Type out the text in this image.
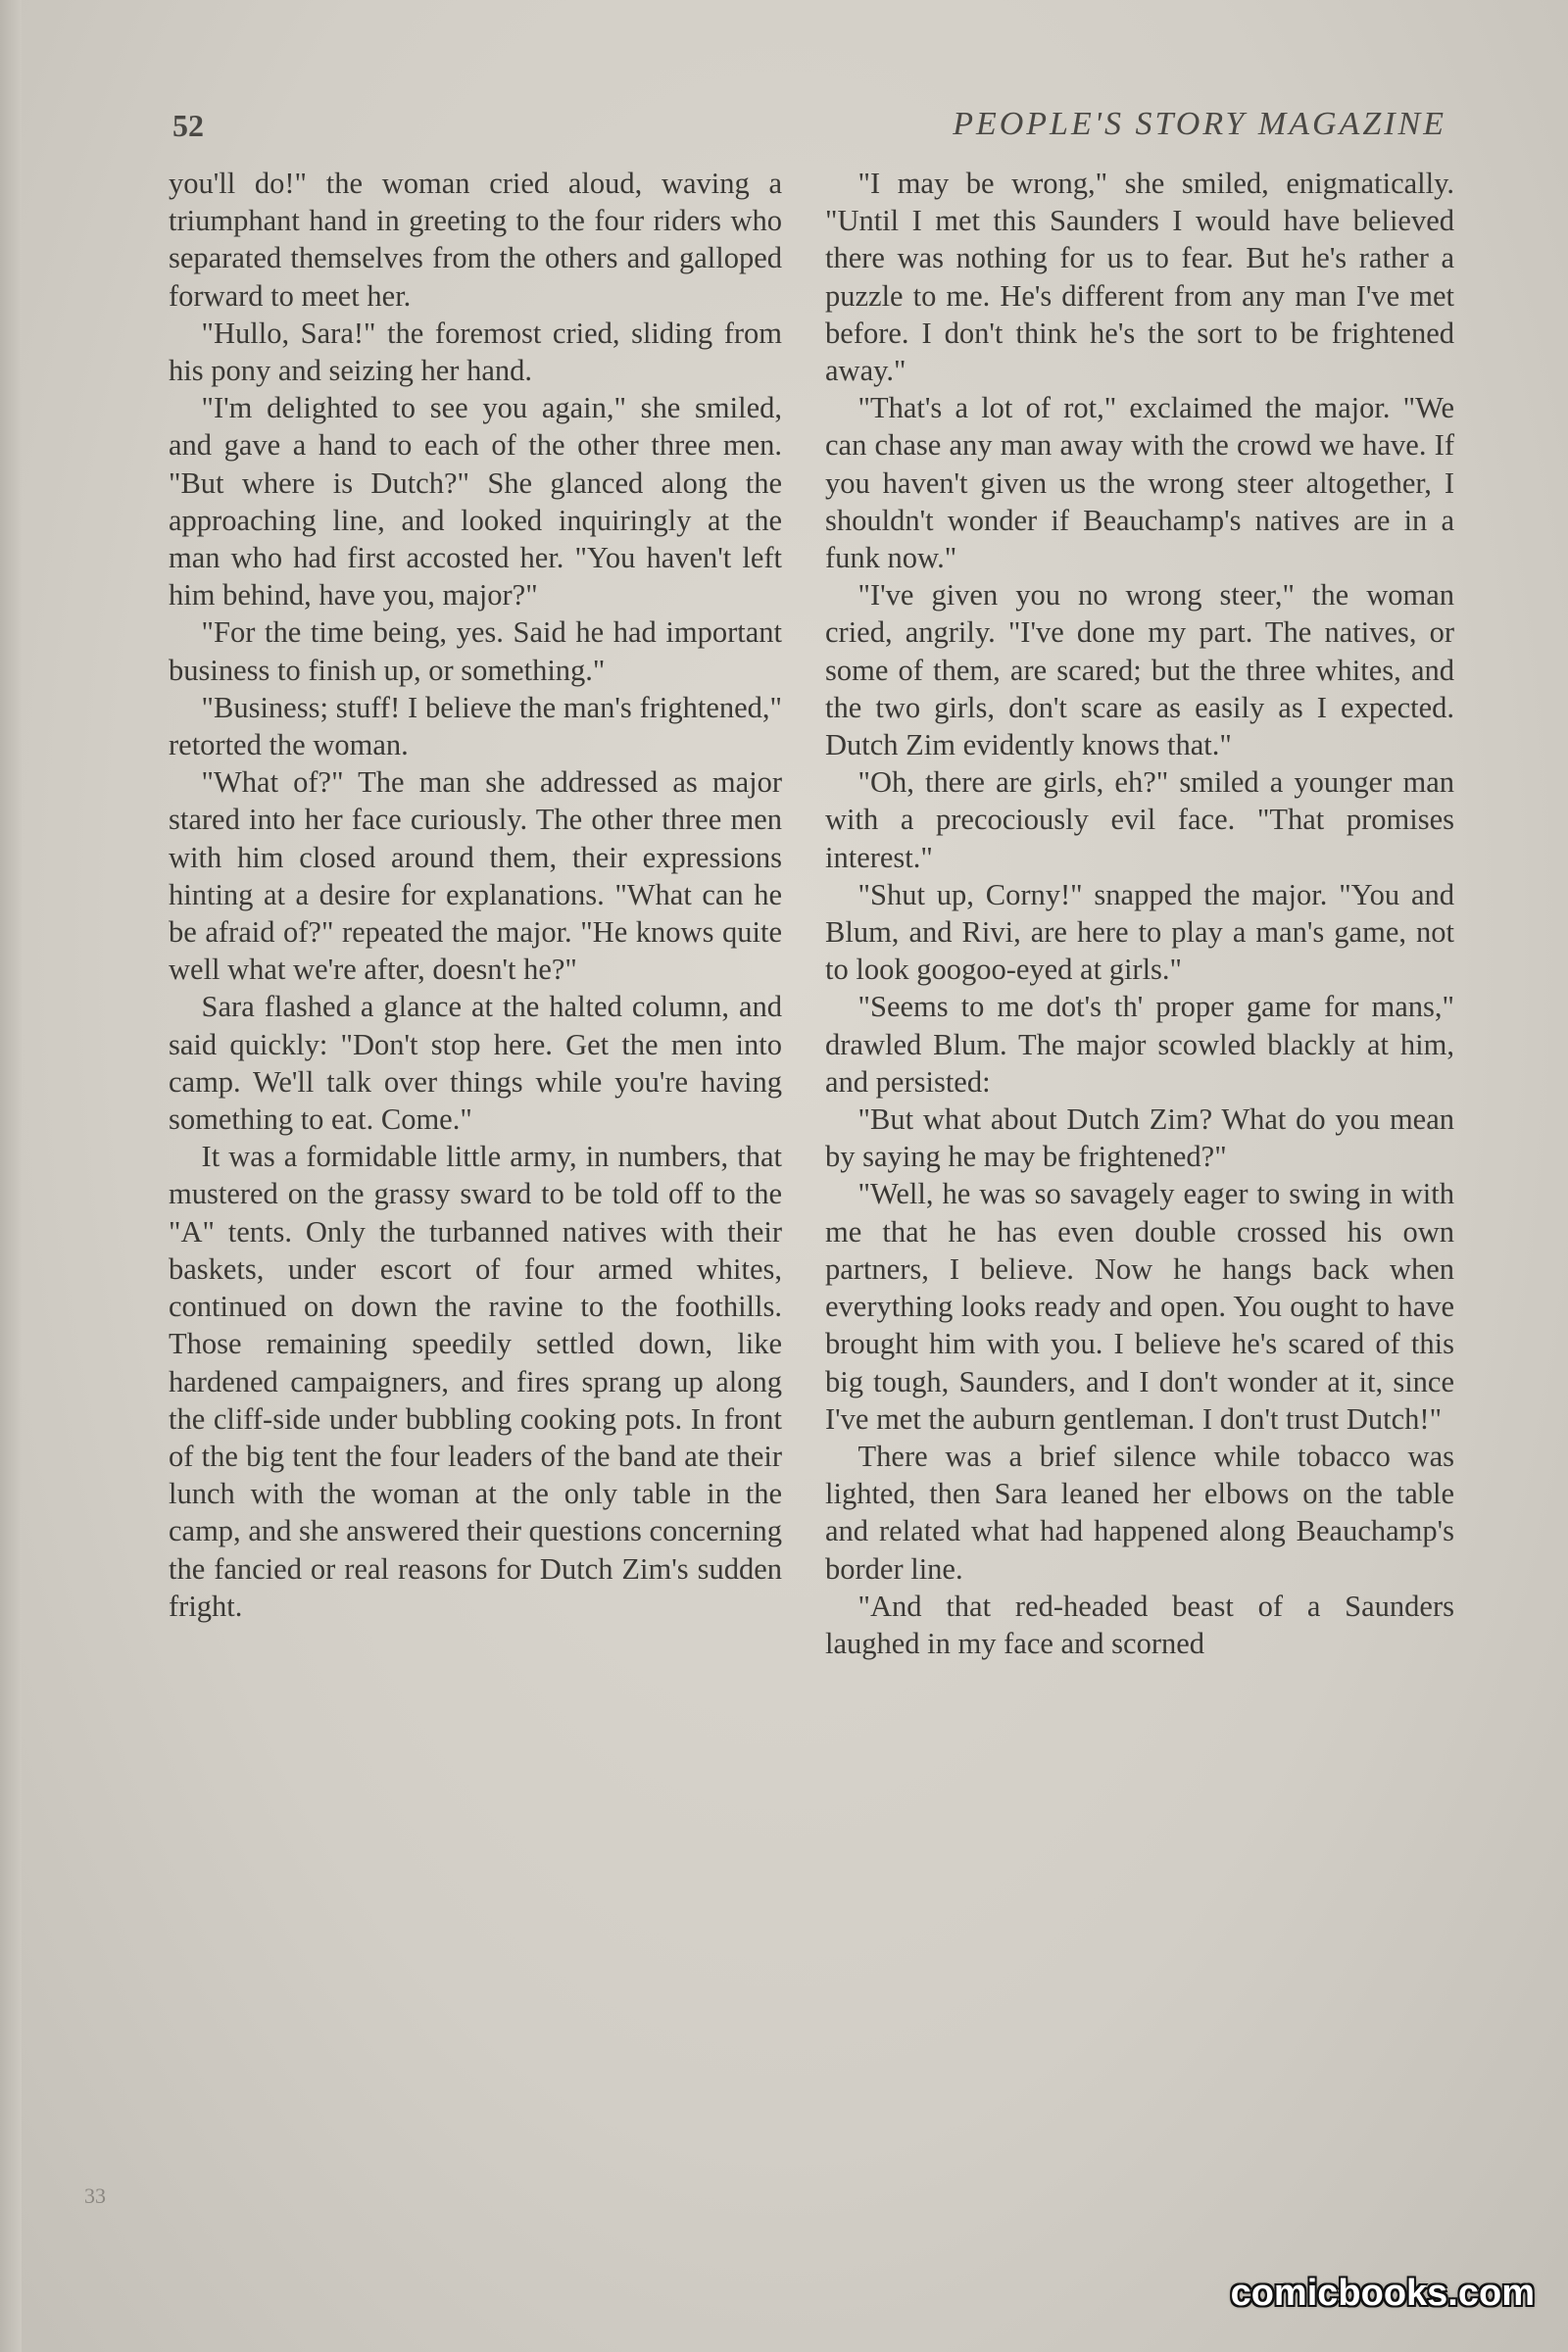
52	PEOPLE'S STORY MAGAZINE

you'll do!" the woman cried aloud, waving a triumphant hand in greeting to the four riders who separated themselves from the others and galloped forward to meet her.

"Hullo, Sara!" the foremost cried, sliding from his pony and seizing her hand.

"I'm delighted to see you again," she smiled, and gave a hand to each of the other three men. "But where is Dutch?" She glanced along the approaching line, and looked inquiringly at the man who had first accosted her. "You haven't left him behind, have you, major?"

"For the time being, yes. Said he had important business to finish up, or something."

"Business; stuff! I believe the man's frightened," retorted the woman.

"What of?" The man she addressed as major stared into her face curiously. The other three men with him closed around them, their expressions hinting at a desire for explanations. "What can he be afraid of?" repeated the major. "He knows quite well what we're after, doesn't he?"

Sara flashed a glance at the halted column, and said quickly: "Don't stop here. Get the men into camp. We'll talk over things while you're having something to eat. Come."

It was a formidable little army, in numbers, that mustered on the grassy sward to be told off to the "A" tents. Only the turbanned natives with their baskets, under escort of four armed whites, continued on down the ravine to the foothills. Those remaining speedily settled down, like hardened campaigners, and fires sprang up along the cliff-side under bubbling cooking pots. In front of the big tent the four leaders of the band ate their lunch with the woman at the only table in the camp, and she answered their questions concerning the fancied or real reasons for Dutch Zim's sudden fright.

"I may be wrong," she smiled, enigmatically. "Until I met this Saunders I would have believed there was nothing for us to fear. But he's rather a puzzle to me. He's different from any man I've met before. I don't think he's the sort to be frightened away."

"That's a lot of rot," exclaimed the major. "We can chase any man away with the crowd we have. If you haven't given us the wrong steer altogether, I shouldn't wonder if Beauchamp's natives are in a funk now."

"I've given you no wrong steer," the woman cried, angrily. "I've done my part. The natives, or some of them, are scared; but the three whites, and the two girls, don't scare as easily as I expected. Dutch Zim evidently knows that."

"Oh, there are girls, eh?" smiled a younger man with a precociously evil face. "That promises interest."

"Shut up, Corny!" snapped the major. "You and Blum, and Rivi, are here to play a man's game, not to look googoo-eyed at girls."

"Seems to me dot's th' proper game for mans," drawled Blum. The major scowled blackly at him, and persisted:

"But what about Dutch Zim? What do you mean by saying he may be frightened?"

"Well, he was so savagely eager to swing in with me that he has even double crossed his own partners, I believe. Now he hangs back when everything looks ready and open. You ought to have brought him with you. I believe he's scared of this big tough, Saunders, and I don't wonder at it, since I've met the auburn gentleman. I don't trust Dutch!"

There was a brief silence while tobacco was lighted, then Sara leaned her elbows on the table and related what had happened along Beauchamp's border line.

"And that red-headed beast of a Saunders laughed in my face and scorned

33
comicbooks.com
